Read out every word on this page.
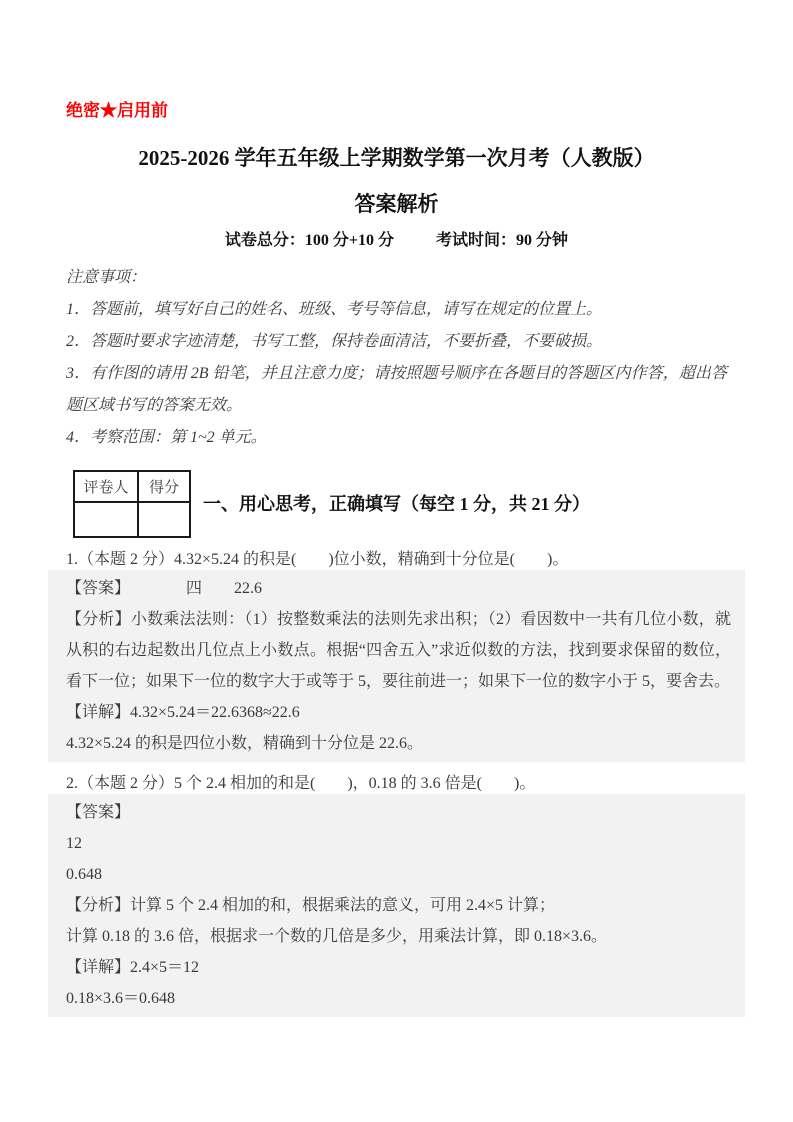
绝密★启用前
2025-2026 学年五年级上学期数学第一次月考（人教版）
答案解析
试卷总分：100 分+10 分	考试时间：90 分钟

注意事项：

1．答题前，填写好自己的姓名、班级、考号等信息，请写在规定的位置上。

2．答题时要求字迹清楚，书写工整，保持卷面清洁，不要折叠，不要破损。

3．有作图的请用 2B 铅笔，并且注意力度；请按照题号顺序在各题目的答题区内作答，超出答题区域书写的答案无效。

4．考察范围：第 1~2 单元。

评卷人	得分

一、用心思考，正确填写（每空 1 分，共 21 分）

1.（本题 2 分）4.32×5.24 的积是(        )位小数，精确到十分位是(        )。

【答案】　　　　四　　22.6

【分析】小数乘法法则：（1）按整数乘法的法则先求出积；（2）看因数中一共有几位小数，就从积的右边起数出几位点上小数点。根据“四舍五入”求近似数的方法，找到要求保留的数位，看下一位；如果下一位的数字大于或等于 5，要往前进一；如果下一位的数字小于 5，要舍去。

【详解】4.32×5.24＝22.6368≈22.6

4.32×5.24 的积是四位小数，精确到十分位是 22.6。

2.（本题 2 分）5 个 2.4 相加的和是(        )，0.18 的 3.6 倍是(        )。

【答案】

12

0.648

【分析】计算 5 个 2.4 相加的和，根据乘法的意义，可用 2.4×5 计算；

计算 0.18 的 3.6 倍，根据求一个数的几倍是多少，用乘法计算，即 0.18×3.6。

【详解】2.4×5＝12

0.18×3.6＝0.648
